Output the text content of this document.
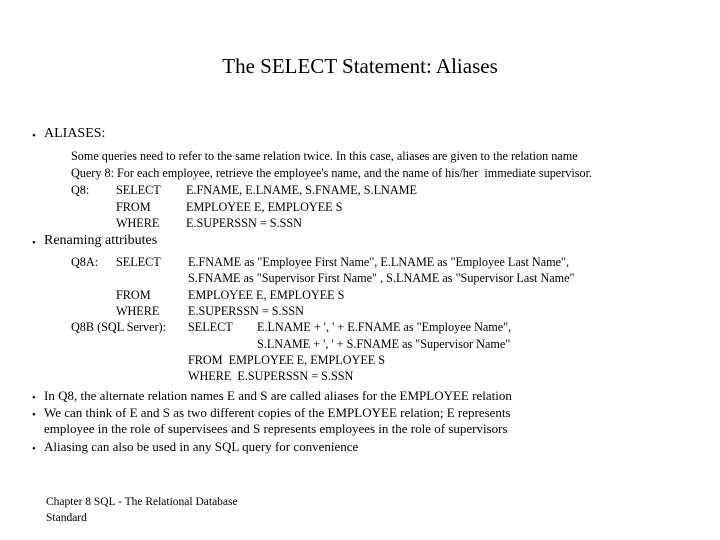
The SELECT Statement: Aliases
• ALIASES:
Some queries need to refer to the same relation twice. In this case, aliases are given to the relation name
Query 8: For each employee, retrieve the employee's name, and the name of his/her  immediate supervisor.
Q8: SELECT E.FNAME, E.LNAME, S.FNAME, S.LNAME
FROM	EMPLOYEE E, EMPLOYEE S
WHERE E.SUPERSSN = S.SSN
• Renaming attributes
Q8A: SELECT E.FNAME as "Employee First Name", E.LNAME as "Employee Last Name",
S.FNAME as "Supervisor First Name" , S.LNAME as "Supervisor Last Name"
FROM	EMPLOYEE E, EMPLOYEE S
WHERE E.SUPERSSN = S.SSN
Q8B (SQL Server): SELECT E.LNAME + ', ' + E.FNAME as "Employee Name",
S.LNAME + ', ' + S.FNAME as "Supervisor Name"
FROM  EMPLOYEE E, EMPLOYEE S
WHERE  E.SUPERSSN = S.SSN
• In Q8, the alternate relation names E and S are called aliases for the EMPLOYEE relation
• We can think of E and S as two different copies of the EMPLOYEE relation; E represents
employee in the role of supervisees and S represents employees in the role of supervisors
• Aliasing can also be used in any SQL query for convenience
Chapter 8 SQL - The Relational Database Standard
